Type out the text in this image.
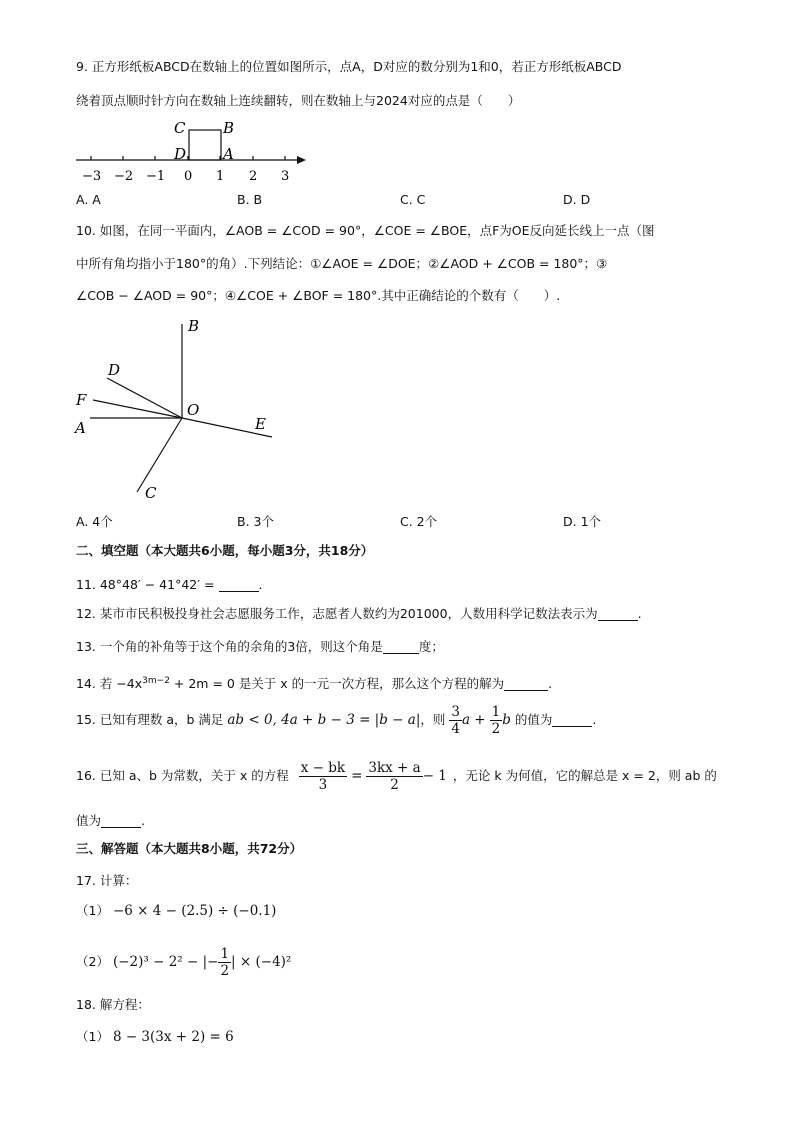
9. 正方形纸板ABCD在数轴上的位置如图所示，点A，D对应的数分别为1和0，若正方形纸板ABCD
绕着顶点顺时针方向在数轴上连续翻转，则在数轴上与2024对应的点是（　　）
C	B
D A
−3 −2 −1 0 1 2 3
A. A	B. B	C. C	D. D
10. 如图，在同一平面内，∠AOB = ∠COD = 90°，∠COE = ∠BOE，点F为OE反向延长线上一点（图
中所有角均指小于180°的角）.下列结论：①∠AOE = ∠DOE；②∠AOD + ∠COB = 180°；③
∠COB − ∠AOD = 90°；④∠COE + ∠BOF = 180°.其中正确结论的个数有（　　）.
B
D
F
O
A	E
C
A. 4个	B. 3个	C. 2个	D. 1个
二、填空题（本大题共6小题，每小题3分，共18分）
11. 48°48′ − 41°42′ =	.
12. 某市市民积极投身社会志愿服务工作，志愿者人数约为201000，人数用科学记数法表示为	.
13. 一个角的补角等于这个角的余角的3倍，则这个角是	度；
14. 若 $-4x^{3m-2} + 2m = 0$ 是关于 x 的一元一次方程，那么这个方程的解为	.
15. 已知有理数 a，b 满足 ab < 0, 4a + b − 3 = |b − a|，则 $\frac{3}{4}$ $a + \frac{1}{2}$ b 的值为	.
16. 已知 a、b 为常数，关于 x 的方程 $\frac{x - bk}{3} = \frac{3kx + a}{2} - 1$ ，无论 k 为何值，它的解总是 x = 2，则 ab 的
值为	.
三、解答题（本大题共8小题，共72分）
17. 计算：
（1） −6 × 4 − (2.5) ÷ (−0.1)
（2） (−2)³ − 2² − |− $\frac{1}{2}$ | × (−4)²
18. 解方程：
（1） 8 − 3(3x + 2) = 6
